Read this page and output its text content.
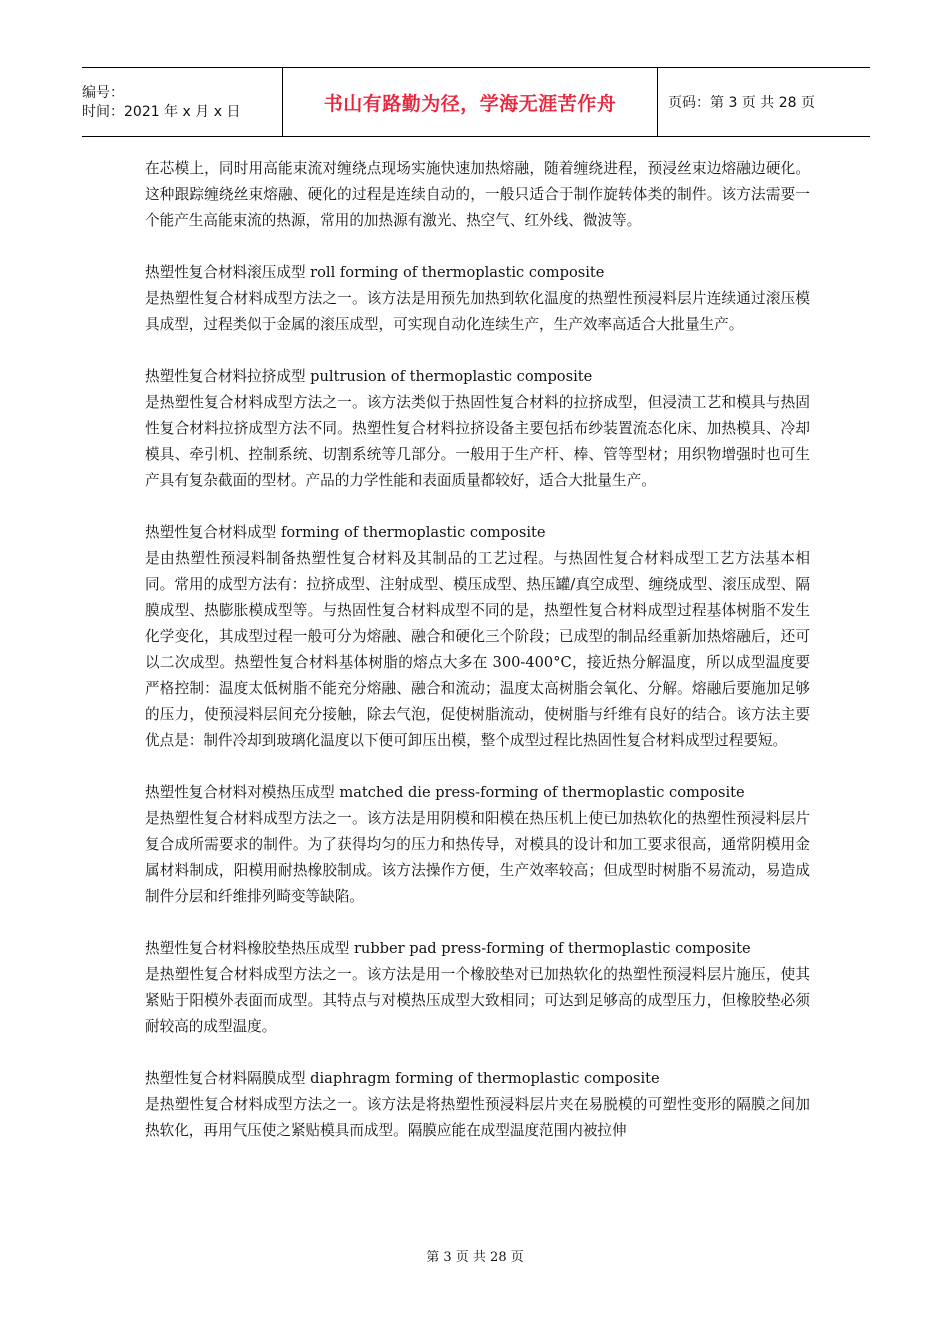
编号：
时间：2021 年 x 月 x 日	书山有路勤为径，学海无涯苦作舟	页码：第 3 页 共 28 页

在芯模上，同时用高能束流对缠绕点现场实施快速加热熔融，随着缠绕进程，预浸丝束边熔融边硬化。这种跟踪缠绕丝束熔融、硬化的过程是连续自动的，一般只适合于制作旋转体类的制件。该方法需要一个能产生高能束流的热源，常用的加热源有激光、热空气、红外线、微波等。

热塑性复合材料滚压成型 roll forming of thermoplastic composite

是热塑性复合材料成型方法之一。该方法是用预先加热到软化温度的热塑性预浸料层片连续通过滚压模具成型，过程类似于金属的滚压成型，可实现自动化连续生产，生产效率高适合大批量生产。

热塑性复合材料拉挤成型 pultrusion of thermoplastic composite

是热塑性复合材料成型方法之一。该方法类似于热固性复合材料的拉挤成型，但浸渍工艺和模具与热固性复合材料拉挤成型方法不同。热塑性复合材料拉挤设备主要包括布纱装置流态化床、加热模具、冷却模具、牵引机、控制系统、切割系统等几部分。一般用于生产杆、棒、管等型材；用织物增强时也可生产具有复杂截面的型材。产品的力学性能和表面质量都较好，适合大批量生产。

热塑性复合材料成型 forming of thermoplastic composite

是由热塑性预浸料制备热塑性复合材料及其制品的工艺过程。与热固性复合材料成型工艺方法基本相同。常用的成型方法有：拉挤成型、注射成型、模压成型、热压罐/真空成型、缠绕成型、滚压成型、隔膜成型、热膨胀模成型等。与热固性复合材料成型不同的是，热塑性复合材料成型过程基体树脂不发生化学变化，其成型过程一般可分为熔融、融合和硬化三个阶段；已成型的制品经重新加热熔融后，还可以二次成型。热塑性复合材料基体树脂的熔点大多在 300-400°C，接近热分解温度，所以成型温度要严格控制：温度太低树脂不能充分熔融、融合和流动；温度太高树脂会氧化、分解。熔融后要施加足够的压力，使预浸料层间充分接触，除去气泡，促使树脂流动，使树脂与纤维有良好的结合。该方法主要优点是：制件冷却到玻璃化温度以下便可卸压出模，整个成型过程比热固性复合材料成型过程要短。

热塑性复合材料对模热压成型 matched die press-forming of thermoplastic composite

是热塑性复合材料成型方法之一。该方法是用阴模和阳模在热压机上使已加热软化的热塑性预浸料层片复合成所需要求的制件。为了获得均匀的压力和热传导，对模具的设计和加工要求很高，通常阴模用金属材料制成，阳模用耐热橡胶制成。该方法操作方便，生产效率较高；但成型时树脂不易流动，易造成制件分层和纤维排列畸变等缺陷。

热塑性复合材料橡胶垫热压成型 rubber pad press-forming of thermoplastic composite

是热塑性复合材料成型方法之一。该方法是用一个橡胶垫对已加热软化的热塑性预浸料层片施压，使其紧贴于阳模外表面而成型。其特点与对模热压成型大致相同；可达到足够高的成型压力，但橡胶垫必须耐较高的成型温度。

热塑性复合材料隔膜成型 diaphragm forming of thermoplastic composite

是热塑性复合材料成型方法之一。该方法是将热塑性预浸料层片夹在易脱模的可塑性变形的隔膜之间加热软化，再用气压使之紧贴模具而成型。隔膜应能在成型温度范围内被拉伸

第 3 页 共 28 页
